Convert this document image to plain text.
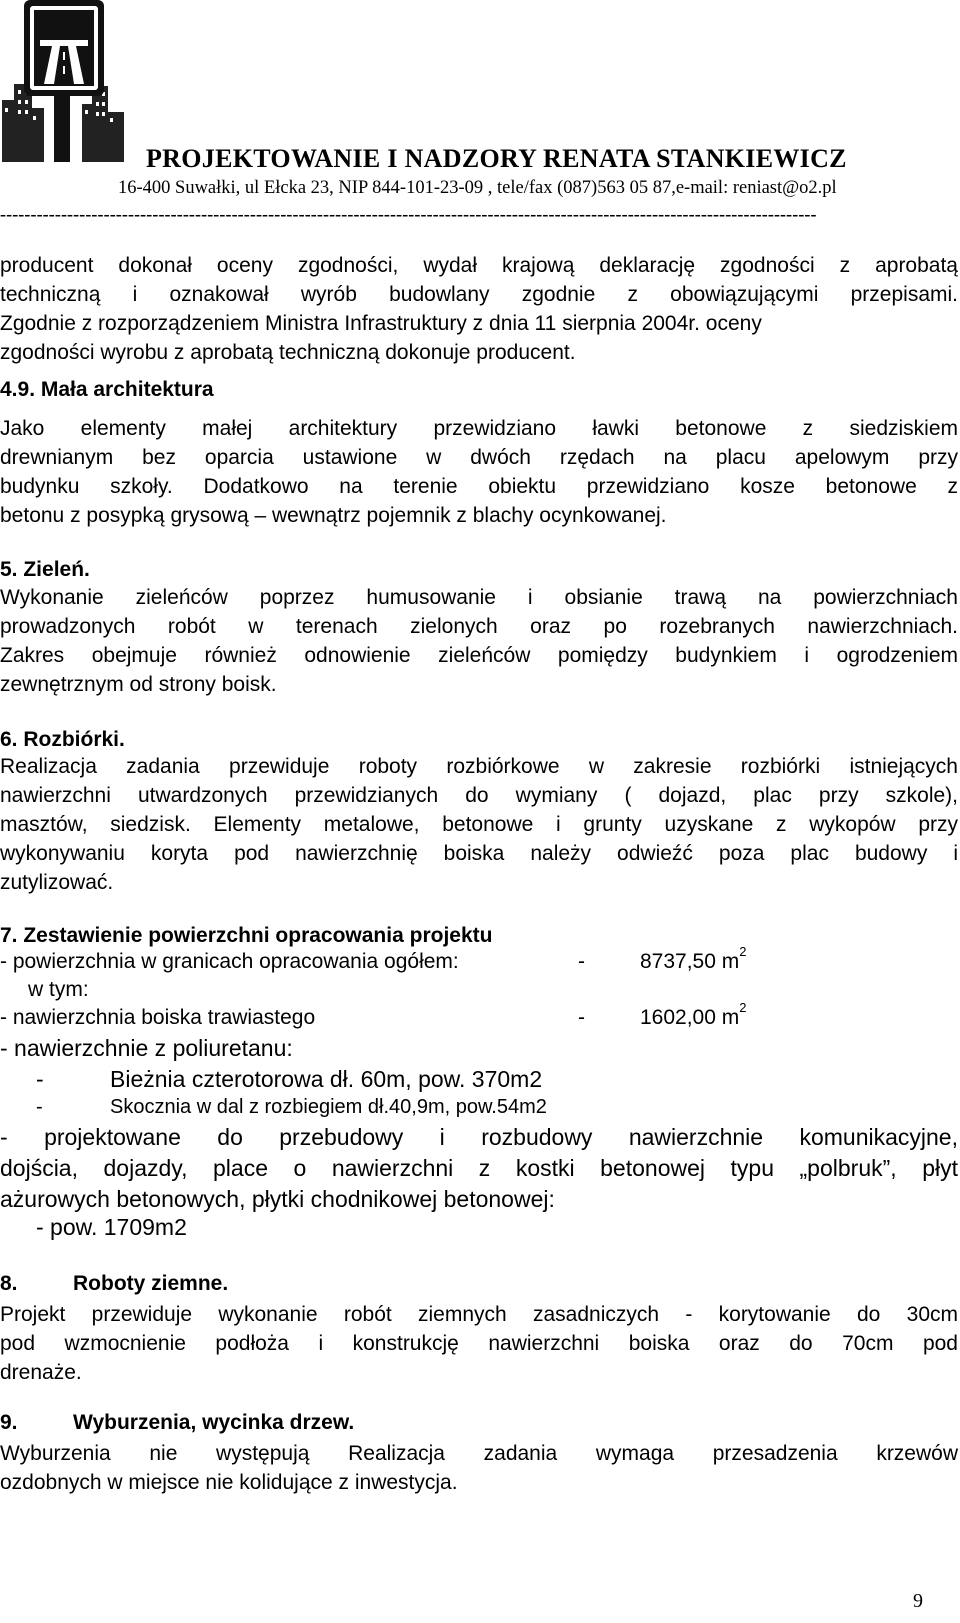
PROJEKTOWANIE I NADZORY RENATA STANKIEWICZ
16-400 Suwałki, ul Ełcka 23, NIP 844-101-23-09 , tele/fax (087)563 05 87,e-mail: reniast@o2.pl
--------------------------------------------------------------------------------------------------------------------------------------
producent dokonał oceny zgodności, wydał krajową deklarację zgodności z aprobatą
techniczną i oznakował wyrób budowlany zgodnie z obowiązującymi przepisami.
Zgodnie z rozporządzeniem Ministra Infrastruktury z dnia 11 sierpnia 2004r. oceny
zgodności wyrobu z aprobatą techniczną dokonuje producent.
4.9. Mała architektura
Jako elementy małej architektury przewidziano ławki betonowe z siedziskiem
drewnianym bez oparcia ustawione w dwóch rzędach na placu apelowym przy
budynku szkoły. Dodatkowo na terenie obiektu przewidziano kosze betonowe z
betonu z posypką grysową – wewnątrz pojemnik z blachy ocynkowanej.
5. Zieleń.
Wykonanie zieleńców poprzez humusowanie i obsianie trawą na powierzchniach
prowadzonych robót w terenach zielonych oraz po rozebranych nawierzchniach.
Zakres obejmuje również odnowienie zieleńców pomiędzy budynkiem i ogrodzeniem
zewnętrznym od strony boisk.
6. Rozbiórki.
Realizacja zadania przewiduje roboty rozbiórkowe w zakresie rozbiórki istniejących
nawierzchni utwardzonych przewidzianych do wymiany ( dojazd, plac przy szkole),
masztów, siedzisk. Elementy metalowe, betonowe i grunty uzyskane z wykopów przy
wykonywaniu koryta pod nawierzchnię boiska należy odwieźć poza plac budowy i
zutylizować.
7. Zestawienie powierzchni opracowania projektu
- powierzchnia w granicach opracowania ogółem:	-	8737,50 $m^2$
w tym:
- nawierzchnia boiska trawiastego	-	1602,00 $m^2$
- nawierzchnie z poliuretanu:
-	Bieżnia czterotorowa dł. 60m, pow. 370m2
-	Skocznia w dal z rozbiegiem dł.40,9m, pow.54m2
- projektowane do przebudowy i rozbudowy nawierzchnie komunikacyjne,
dojścia, dojazdy, place o nawierzchni z kostki betonowej typu „polbruk”, płyt
ażurowych betonowych, płytki chodnikowej betonowej:
- pow. 1709m2
8.	Roboty ziemne.
Projekt przewiduje wykonanie robót ziemnych zasadniczych - korytowanie do 30cm
pod wzmocnienie podłoża i konstrukcję nawierzchni boiska oraz do 70cm pod
drenaże.
9.	Wyburzenia, wycinka drzew.
Wyburzenia nie występują Realizacja zadania wymaga przesadzenia krzewów
ozdobnych w miejsce nie kolidujące z inwestycja.
9
